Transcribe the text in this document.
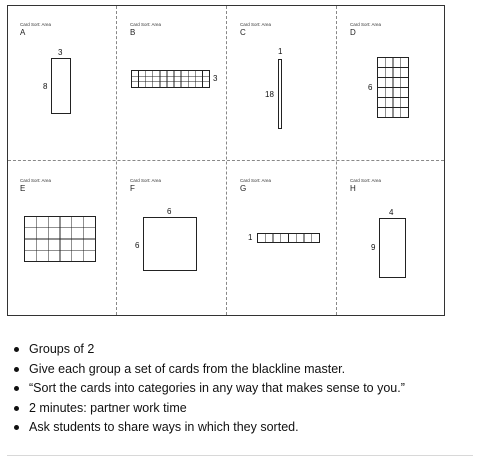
Card Sort: Area
A
3
8
Card Sort: Area
B
3
Card Sort: Area
C
1
18
Card Sort: Area
D
6
Card Sort: Area
E
Card Sort: Area
F
6
6
Card Sort: Area
G
1
Card Sort: Area
H
4
9
Groups of 2
Give each group a set of cards from the blackline master.
“Sort the cards into categories in any way that makes sense to you.”
2 minutes: partner work time
Ask students to share ways in which they sorted.
